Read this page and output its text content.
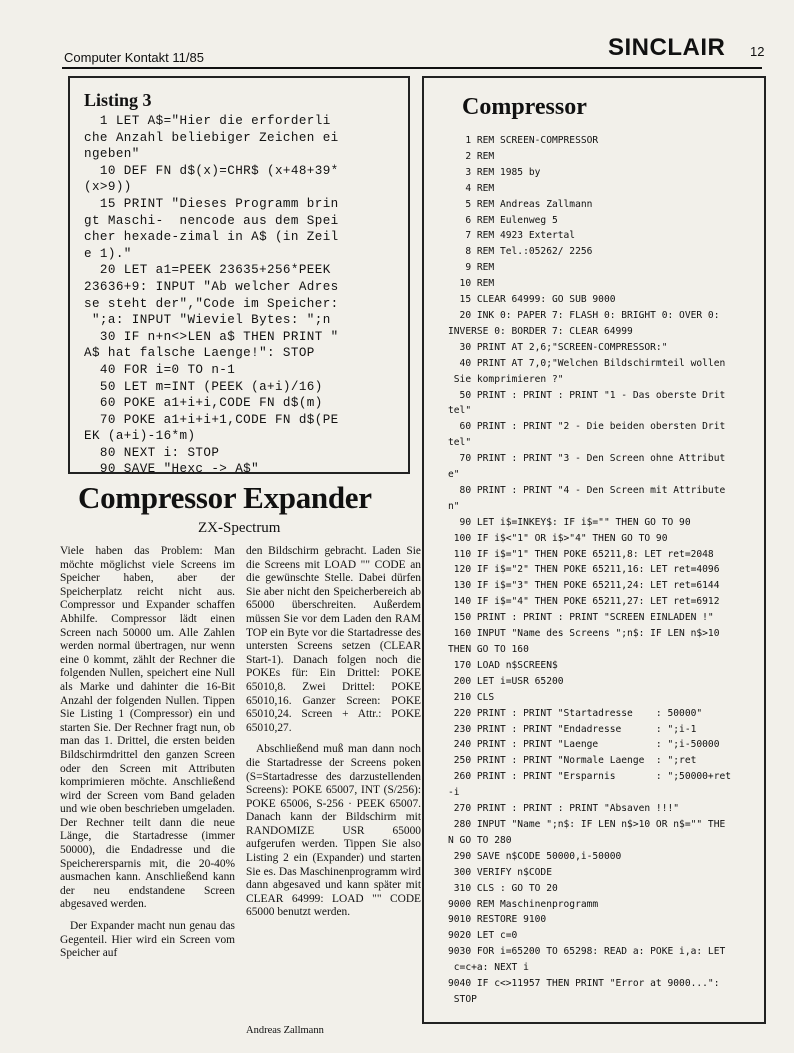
Computer Kontakt 11/85	SINCLAIR 12
Listing 3
1 LET A$="Hier die erforderli
che Anzahl beliebiger Zeichen ei
ngeben"
10 DEF FN d$(x)=CHR$ (x+48+39*
(x>9))
15 PRINT "Dieses Programm brin
gt Maschi-  nencode aus dem Spei
cher hexade-zimal in A$ (in Zeil
e 1)."
20 LET a1=PEEK 23635+256*PEEK
23636+9: INPUT "Ab welcher Adres
se steht der","Code im Speicher:
";a: INPUT "Wieviel Bytes: ";n
30 IF n+n<>LEN a$ THEN PRINT "
A$ hat falsche Laenge!": STOP
40 FOR i=0 TO n-1
50 LET m=INT (PEEK (a+i)/16)
60 POKE a1+i+i,CODE FN d$(m)
70 POKE a1+i+i+1,CODE FN d$(PE
EK (a+i)-16*m)
80 NEXT i: STOP
90 SAVE "Hexc -> A$"
Compressor Expander
ZX-Spectrum

Viele haben das Problem: Man möchte möglichst viele Screens im Speicher haben, aber der Speicherplatz reicht nicht aus. Compressor und Expander schaffen Abhilfe. Compressor lädt einen Screen nach 50000 um. Alle Zahlen werden normal übertragen, nur wenn eine 0 kommt, zählt der Rechner die folgenden Nullen, speichert eine Null als Marke und dahinter die 16-Bit Anzahl der folgenden Nullen. Tippen Sie Listing 1 (Compressor) ein und starten Sie. Der Rechner fragt nun, ob man das 1. Drittel, die ersten beiden Bildschirmdrittel den ganzen Screen oder den Screen mit Attributen komprimieren möchte. Anschließend wird der Screen vom Band geladen und wie oben beschrieben umgeladen. Der Rechner teilt dann die neue Länge, die Startadresse (immer 50000), die Endadresse und die Speicherersparnis mit, die 20-40% ausmachen kann. Anschließend kann der neu endstandene Screen abgesaved werden.

Der Expander macht nun genau das Gegenteil. Hier wird ein Screen vom Speicher auf

den Bildschirm gebracht. Laden Sie die Screens mit LOAD "" CODE an die gewünschte Stelle. Dabei dürfen Sie aber nicht den Speicherbereich ab 65000 überschreiten. Außerdem müssen Sie vor dem Laden den RAM TOP ein Byte vor die Startadresse des untersten Screens setzen (CLEAR Start-1). Danach folgen noch die POKEs für: Ein Drittel: POKE 65010,8. Zwei Drittel: POKE 65010,16. Ganzer Screen: POKE 65010,24. Screen + Attr.: POKE 65010,27.

Abschließend muß man dann noch die Startadresse der Screens poken (S=Startadresse des darzustellenden Screens): POKE 65007, INT (S/256): POKE 65006, S-256 · PEEK 65007. Danach kann der Bildschirm mit RANDOMIZE USR 65000 aufgerufen werden. Tippen Sie also Listing 2 ein (Expander) und starten Sie es. Das Maschinenprogramm wird dann abgesaved und kann später mit CLEAR 64999: LOAD "" CODE 65000 benutzt werden.

Andreas Zallmann
Compressor
1 REM SCREEN-COMPRESSOR
2 REM
3 REM 1985 by
4 REM
5 REM Andreas Zallmann
6 REM Eulenweg 5
7 REM 4923 Extertal
8 REM Tel.:05262/ 2256
9 REM
10 REM
15 CLEAR 64999: GO SUB 9000
20 INK 0: PAPER 7: FLASH 0: BRIGHT 0: OVER 0:
INVERSE 0: BORDER 7: CLEAR 64999
30 PRINT AT 2,6;"SCREEN-COMPRESSOR:"
40 PRINT AT 7,0;"Welchen Bildschirmteil wollen
Sie komprimieren ?"
50 PRINT : PRINT : PRINT "1 - Das oberste Drit
tel"
60 PRINT : PRINT "2 - Die beiden obersten Drit
tel"
70 PRINT : PRINT "3 - Den Screen ohne Attribut
e"
80 PRINT : PRINT "4 - Den Screen mit Attribute
n"
90 LET i$=INKEY$: IF i$="" THEN GO TO 90
100 IF i$<"1" OR i$>"4" THEN GO TO 90
110 IF i$="1" THEN POKE 65211,8: LET ret=2048
120 IF i$="2" THEN POKE 65211,16: LET ret=4096
130 IF i$="3" THEN POKE 65211,24: LET ret=6144
140 IF i$="4" THEN POKE 65211,27: LET ret=6912
150 PRINT : PRINT : PRINT "SCREEN EINLADEN !"
160 INPUT "Name des Screens ";n$: IF LEN n$>10
THEN GO TO 160
170 LOAD n$SCREEN$
200 LET i=USR 65200
210 CLS
220 PRINT : PRINT "Startadresse    : 50000"
230 PRINT : PRINT "Endadresse      : ";i-1
240 PRINT : PRINT "Laenge          : ";i-50000
250 PRINT : PRINT "Normale Laenge  : ";ret
260 PRINT : PRINT "Ersparnis       : ";50000+ret
-i
270 PRINT : PRINT : PRINT "Absaven !!!"
280 INPUT "Name ";n$: IF LEN n$>10 OR n$="" THE
N GO TO 280
290 SAVE n$CODE 50000,i-50000
300 VERIFY n$CODE
310 CLS : GO TO 20
9000 REM Maschinenprogramm
9010 RESTORE 9100
9020 LET c=0
9030 FOR i=65200 TO 65298: READ a: POKE i,a: LET
c=c+a: NEXT i
9040 IF c<>11957 THEN PRINT "Error at 9000...":
STOP
